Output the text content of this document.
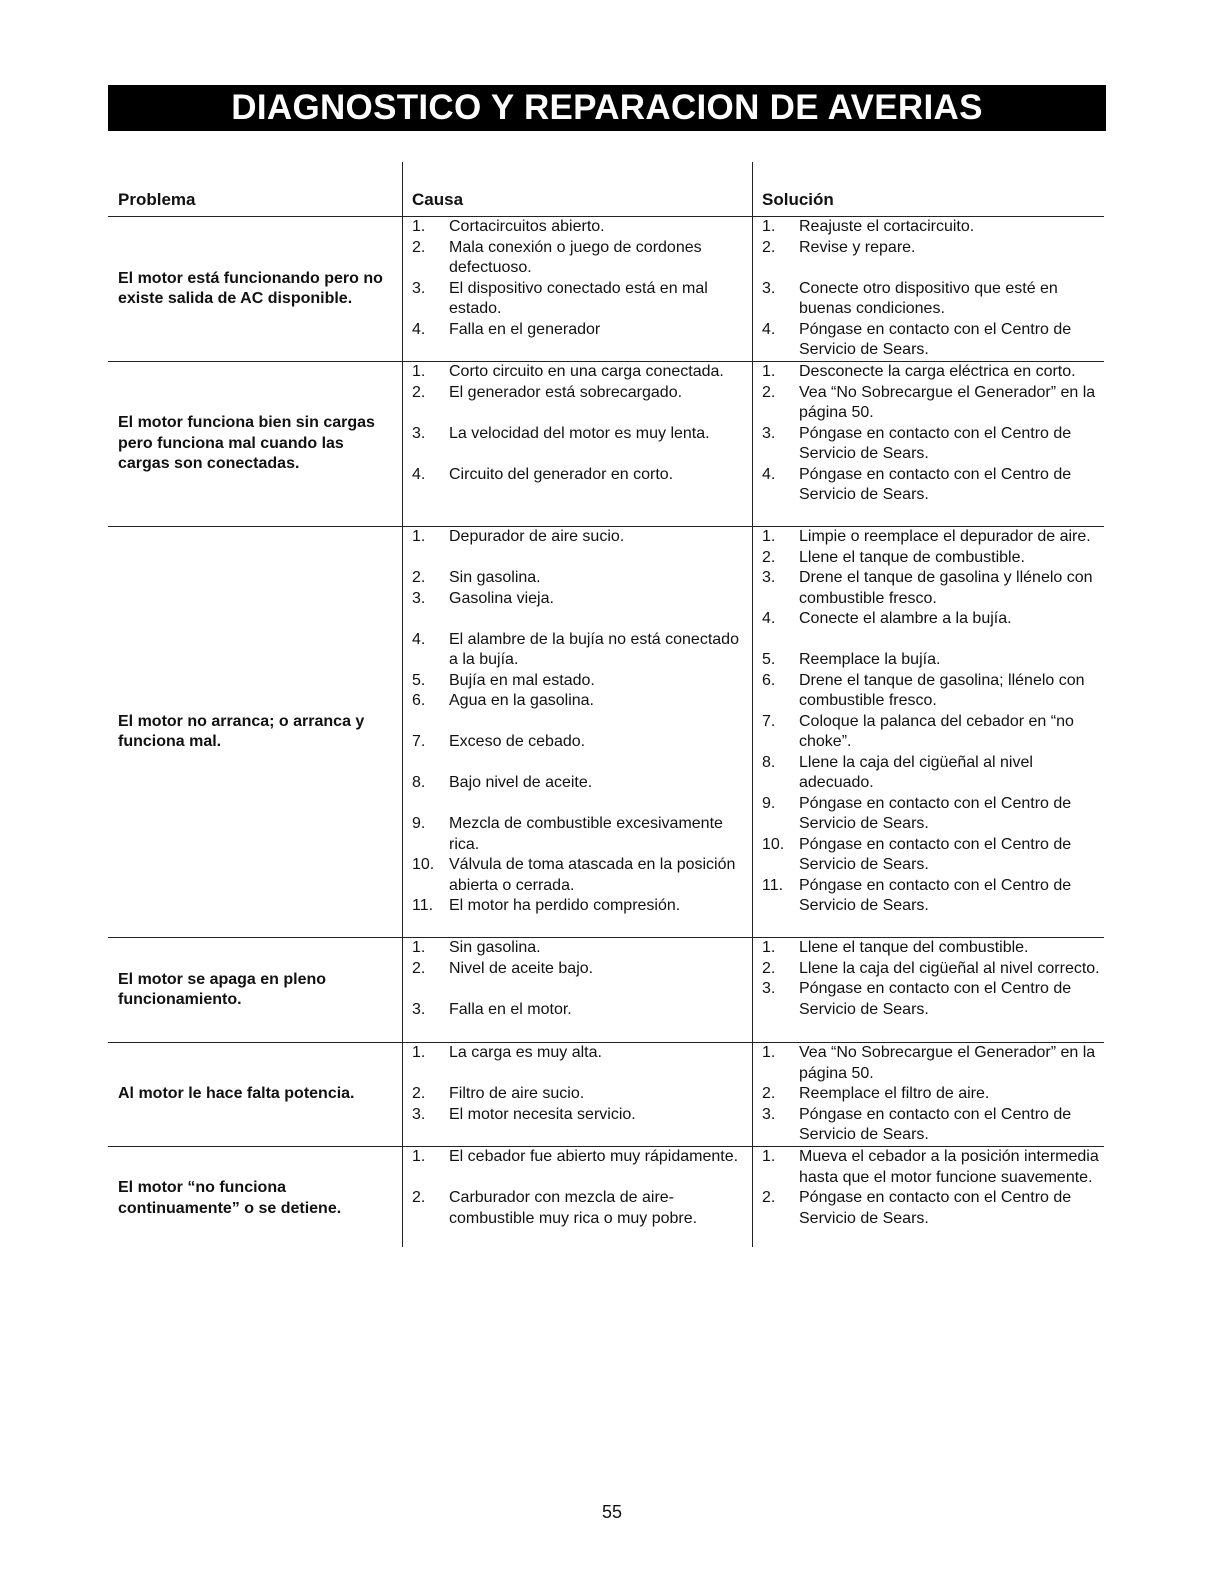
DIAGNOSTICO Y REPARACION DE AVERIAS
Problema	Causa	Solución
El motor está funcionando pero no existe salida de AC disponible.
1. Cortacircuitos abierto.
2. Mala conexión o juego de cordones defectuoso.
3. El dispositivo conectado está en mal estado.
4. Falla en el generador
1. Reajuste el cortacircuito.
2. Revise y repare.
3. Conecte otro dispositivo que esté en buenas condiciones.
4. Póngase en contacto con el Centro de Servicio de Sears.
El motor funciona bien sin cargas pero funciona mal cuando las cargas son conectadas.
1. Corto circuito en una carga conectada.
2. El generador está sobrecargado.
3. La velocidad del motor es muy lenta.
4. Circuito del generador en corto.
1. Desconecte la carga eléctrica en corto.
2. Vea “No Sobrecargue el Generador” en la página 50.
3. Póngase en contacto con el Centro de Servicio de Sears.
4. Póngase en contacto con el Centro de Servicio de Sears.
El motor no arranca; o arranca y funciona mal.
1. Depurador de aire sucio.
2. Sin gasolina.
3. Gasolina vieja.
4. El alambre de la bujía no está conectado a la bujía.
5. Bujía en mal estado.
6. Agua en la gasolina.
7. Exceso de cebado.
8. Bajo nivel de aceite.
9. Mezcla de combustible excesivamente rica.
10. Válvula de toma atascada en la posición abierta o cerrada.
11. El motor ha perdido compresión.
1. Limpie o reemplace el depurador de aire.
2. Llene el tanque de combustible.
3. Drene el tanque de gasolina y llénelo con combustible fresco.
4. Conecte el alambre a la bujía.
5. Reemplace la bujía.
6. Drene el tanque de gasolina; llénelo con combustible fresco.
7. Coloque la palanca del cebador en “no choke”.
8. Llene la caja del cigüeñal al nivel adecuado.
9. Póngase en contacto con el Centro de Servicio de Sears.
10. Póngase en contacto con el Centro de Servicio de Sears.
11. Póngase en contacto con el Centro de Servicio de Sears.
El motor se apaga en pleno funcionamiento.
1. Sin gasolina.
2. Nivel de aceite bajo.
3. Falla en el motor.
1. Llene el tanque del combustible.
2. Llene la caja del cigüeñal al nivel correcto.
3. Póngase en contacto con el Centro de Servicio de Sears.
Al motor le hace falta potencia.
1. La carga es muy alta.
2. Filtro de aire sucio.
3. El motor necesita servicio.
1. Vea “No Sobrecargue el Generador” en la página 50.
2. Reemplace el filtro de aire.
3. Póngase en contacto con el Centro de Servicio de Sears.
El motor “no funciona continuamente” o se detiene.
1. El cebador fue abierto muy rápidamente.
2. Carburador con mezcla de aire-combustible muy rica o muy pobre.
1. Mueva el cebador a la posición intermedia hasta que el motor funcione suavemente.
2. Póngase en contacto con el Centro de Servicio de Sears.
55
